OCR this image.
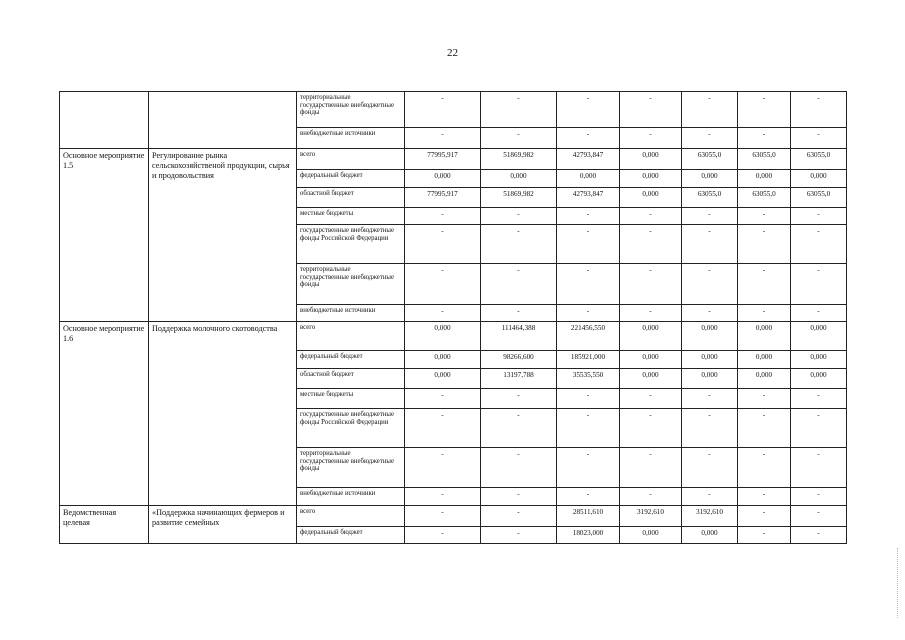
22
		территориальные государственные внебюджетные фонды	-	-	-	-	-	-	-
		внебюджетные источники	-	-	-	-	-	-	-
Основное мероприятие 1.5	Регулирование рынка сельскохозяйственой продукции, сырья и продовольствия	всего	77995,917	51869,982	42793,847	0,000	63055,0	63055,0	63055,0
		федеральный бюджет	0,000	0,000	0,000	0,000	0,000	0,000	0,000
		областной бюджет	77995,917	51869,982	42793,847	0,000	63055,0	63055,0	63055,0
		местные бюджеты	-	-	-	-	-	-	-
		государственные внебюджетные фонды Российской Федерации	-	-	-	-	-	-	-
		территориальные государственные внебюджетные фонды	-	-	-	-	-	-	-
		внебюджетные источники	-	-	-	-	-	-	-
Основное мероприятие 1.6	Поддержка молочного скотоводства	всего	0,000	111464,388	221456,550	0,000	0,000	0,000	0,000
		федеральный бюджет	0,000	98266,600	185921,000	0,000	0,000	0,000	0,000
		областной бюджет	0,000	13197,788	35535,550	0,000	0,000	0,000	0,000
		местные бюджеты	-	-	-	-	-	-	-
		государственные внебюджетные фонды Российской Федерации	-	-	-	-	-	-	-
		территориальные государственные внебюджетные фонды	-	-	-	-	-	-	-
		внебюджетные источники	-	-	-	-	-	-	-
Ведомственная целевая	«Поддержка начинающих фермеров и развитие семейных	всего	-	-	28511,610	3192,610	3192,610	-	-
		федеральный бюджет	-	-	18023,000	0,000	0,000	-	-
